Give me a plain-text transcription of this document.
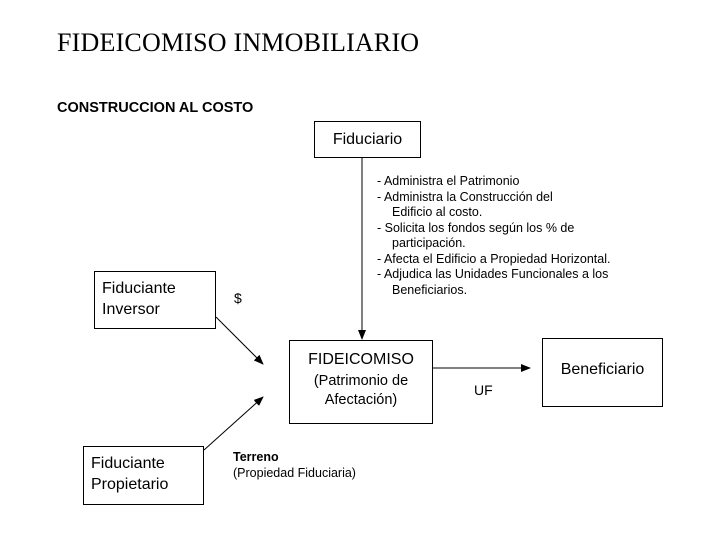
FIDEICOMISO INMOBILIARIO
CONSTRUCCION AL COSTO
Fiduciario
Fiduciante
Inversor
FIDEICOMISO
(Patrimonio de
Afectación)
Beneficiario
Fiduciante
Propietario
- Administra el Patrimonio
- Administra la Construcción del
Edificio al costo.
- Solicita los fondos según los % de
participación.
- Afecta el Edificio a Propiedad Horizontal.
- Adjudica las Unidades Funcionales a los
Beneficiarios.
$
UF
Terreno
(Propiedad Fiduciaria)
